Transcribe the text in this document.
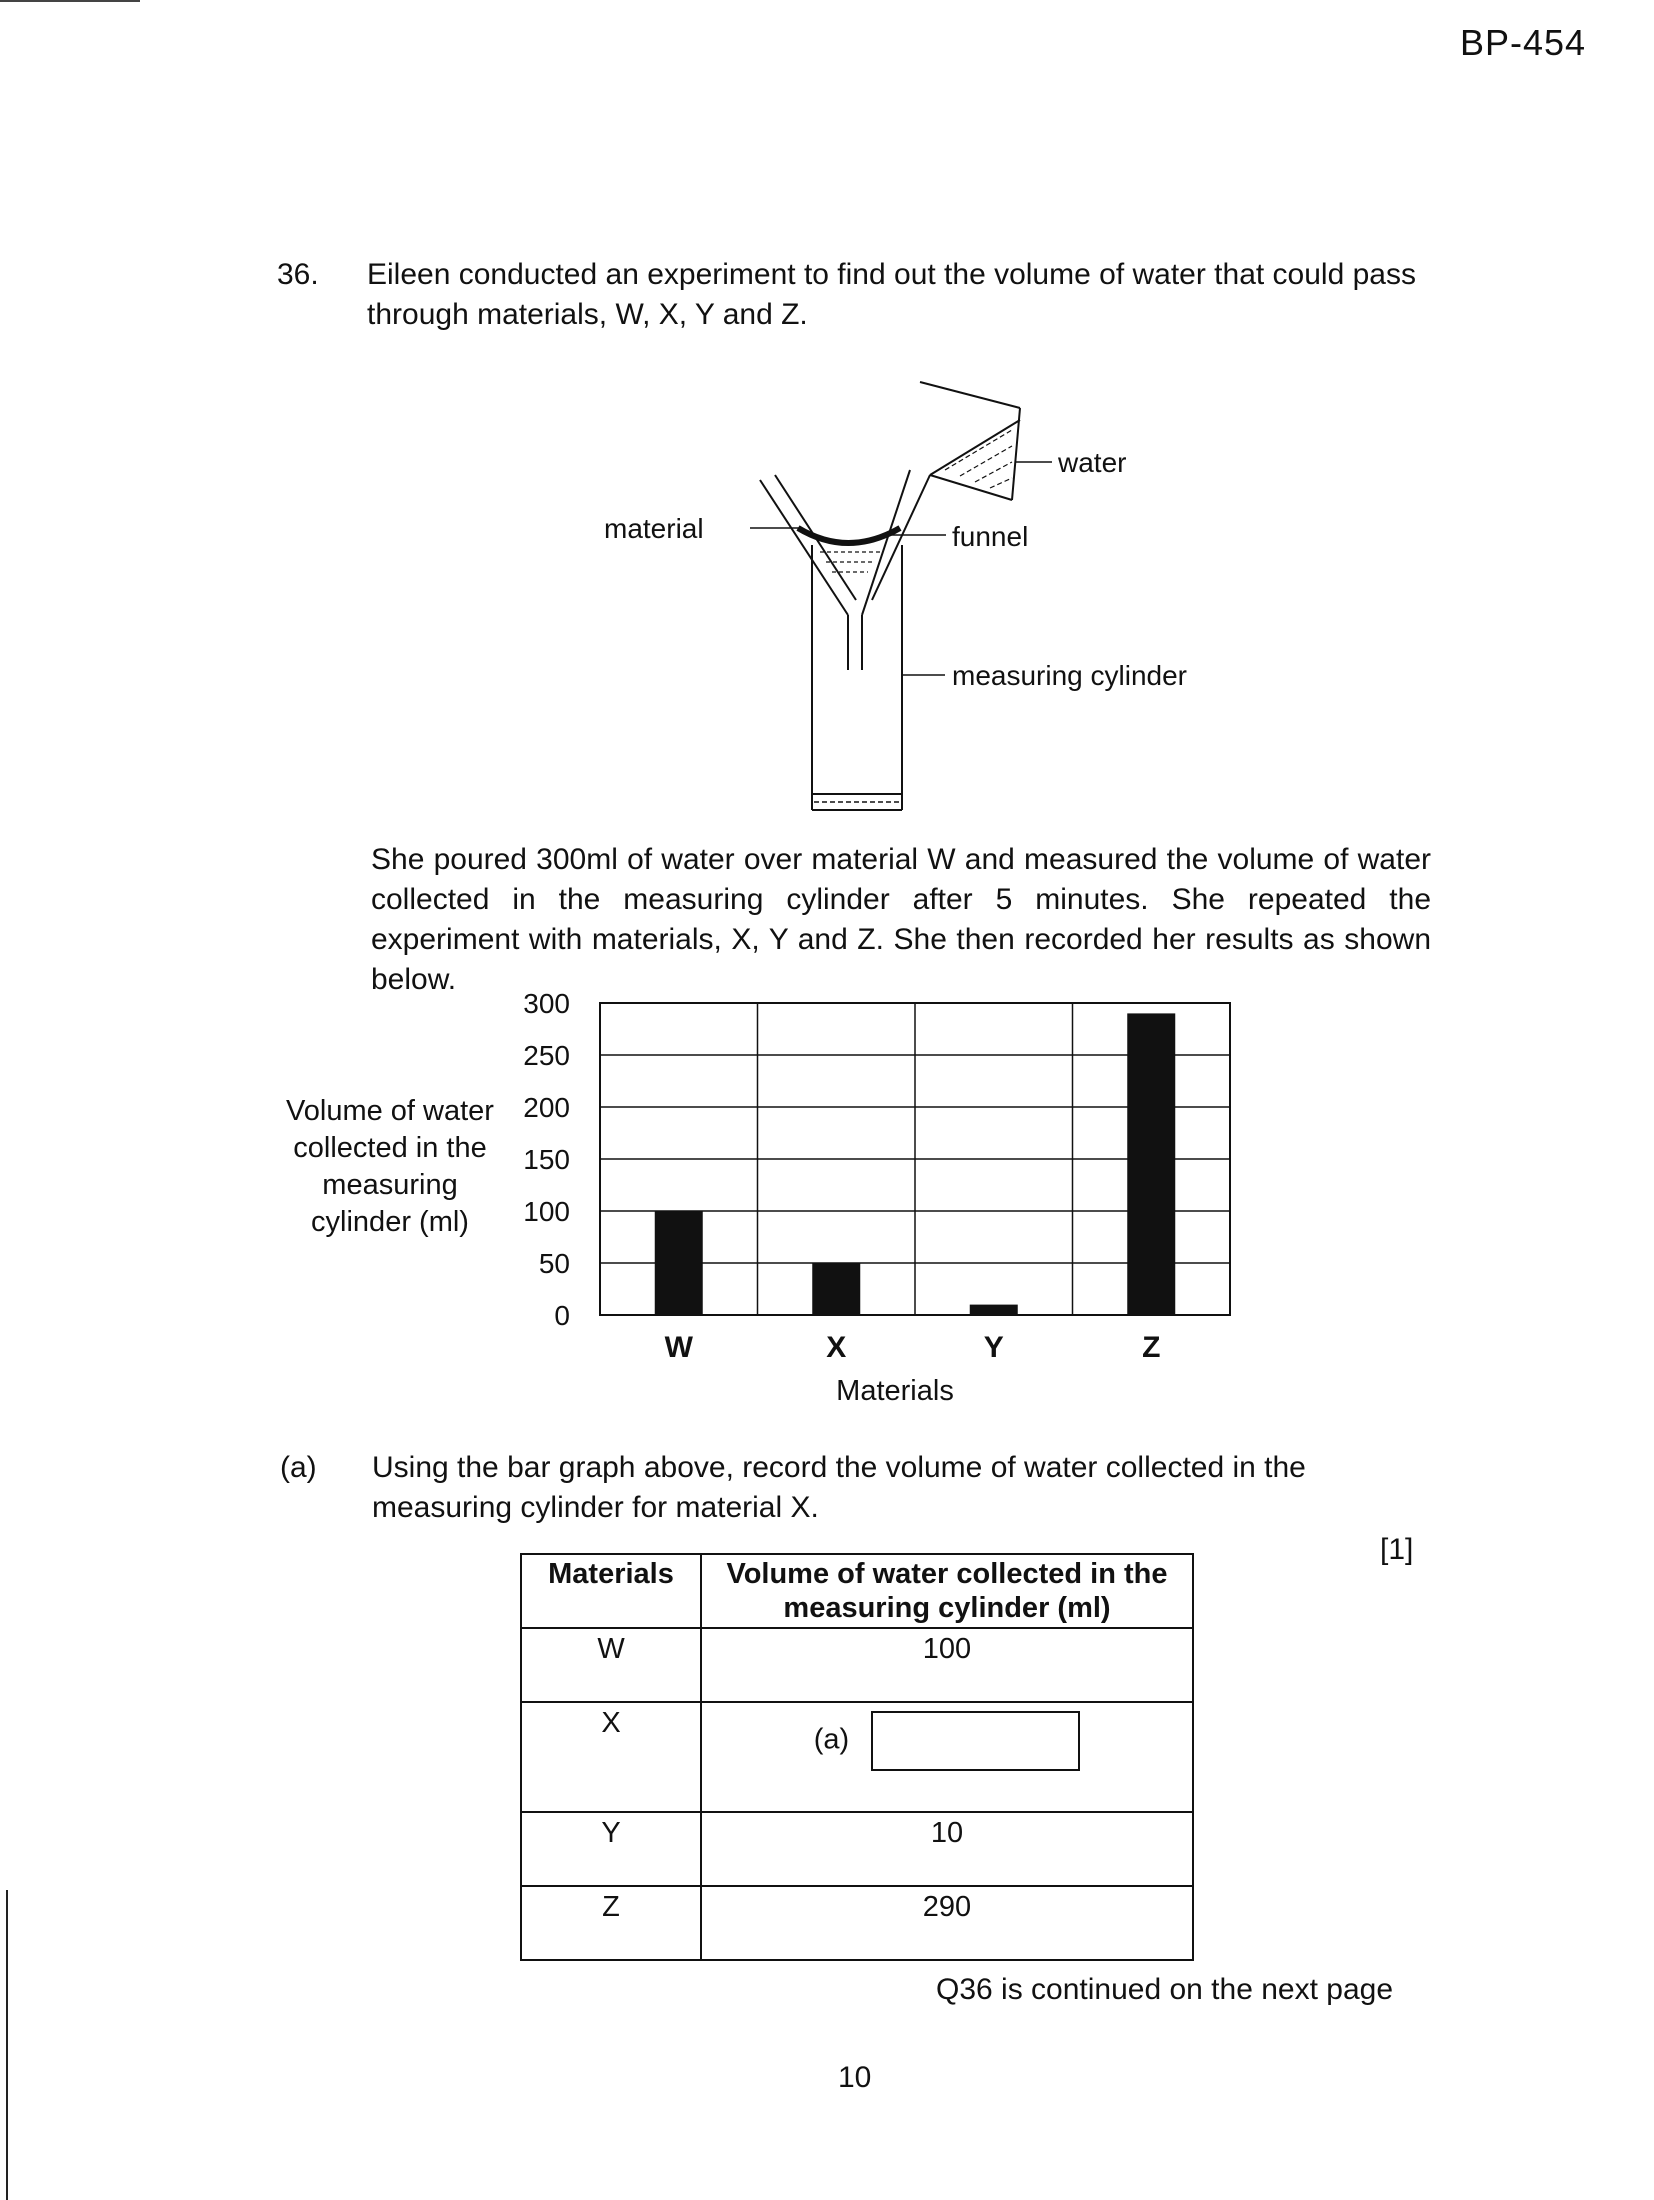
BP-454
36. Eileen conducted an experiment to find out the volume of water that could pass through materials, W, X, Y and Z.
water
material	funnel
measuring cylinder
She poured 300ml of water over material W and measured the volume of water collected in the measuring cylinder after 5 minutes. She repeated the experiment with materials, X, Y and Z. She then recorded her results as shown below.
0
50
100
150
200
250
300
W	X	Y	Z
Volume of water
collected in the
measuring
cylinder (ml)
Materials
(a) Using the bar graph above, record the volume of water collected in the measuring cylinder for material X.
[1]
Materials	Volume of water collected in the measuring cylinder (ml)
W	100
X	(a)
Y	10
Z	290
Q36 is continued on the next page
10
